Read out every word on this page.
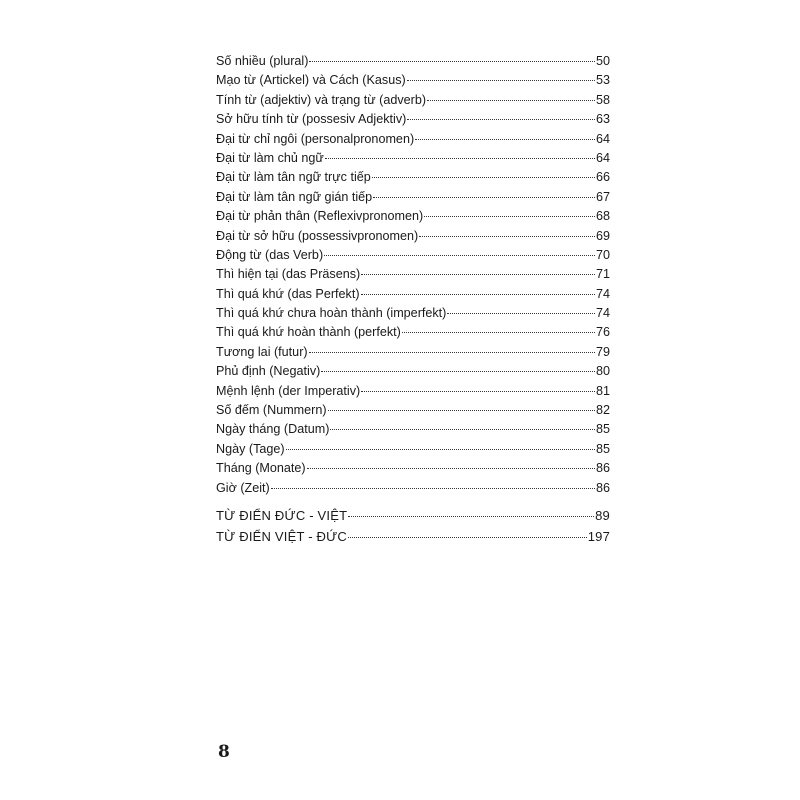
Số nhiều (plural)	50
Mạo từ (Artickel) và Cách (Kasus)	53
Tính từ (adjektiv) và trạng từ (adverb)	58
Sở hữu tính từ (possesiv Adjektiv)	63
Đại từ chỉ ngôi (personalpronomen)	64
Đại từ làm chủ ngữ	64
Đại từ làm tân ngữ trực tiếp	66
Đại từ làm tân ngữ gián tiếp	67
Đại từ phản thân (Reflexivpronomen)	68
Đại từ sở hữu (possessivpronomen)	69
Động từ (das Verb)	70
Thì hiện tại (das Präsens)	71
Thì quá khứ (das Perfekt)	74
Thì quá khứ chưa hoàn thành (imperfekt)	74
Thì quá khứ hoàn thành (perfekt)	76
Tương lai (futur)	79
Phủ định (Negativ)	80
Mệnh lệnh (der Imperativ)	81
Số đếm (Nummern)	82
Ngày tháng (Datum)	85
Ngày (Tage)	85
Tháng (Monate)	86
Giờ (Zeit)	86
TỪ ĐIỂN ĐỨC - VIỆT	89
TỪ ĐIỂN VIỆT - ĐỨC	197
8
